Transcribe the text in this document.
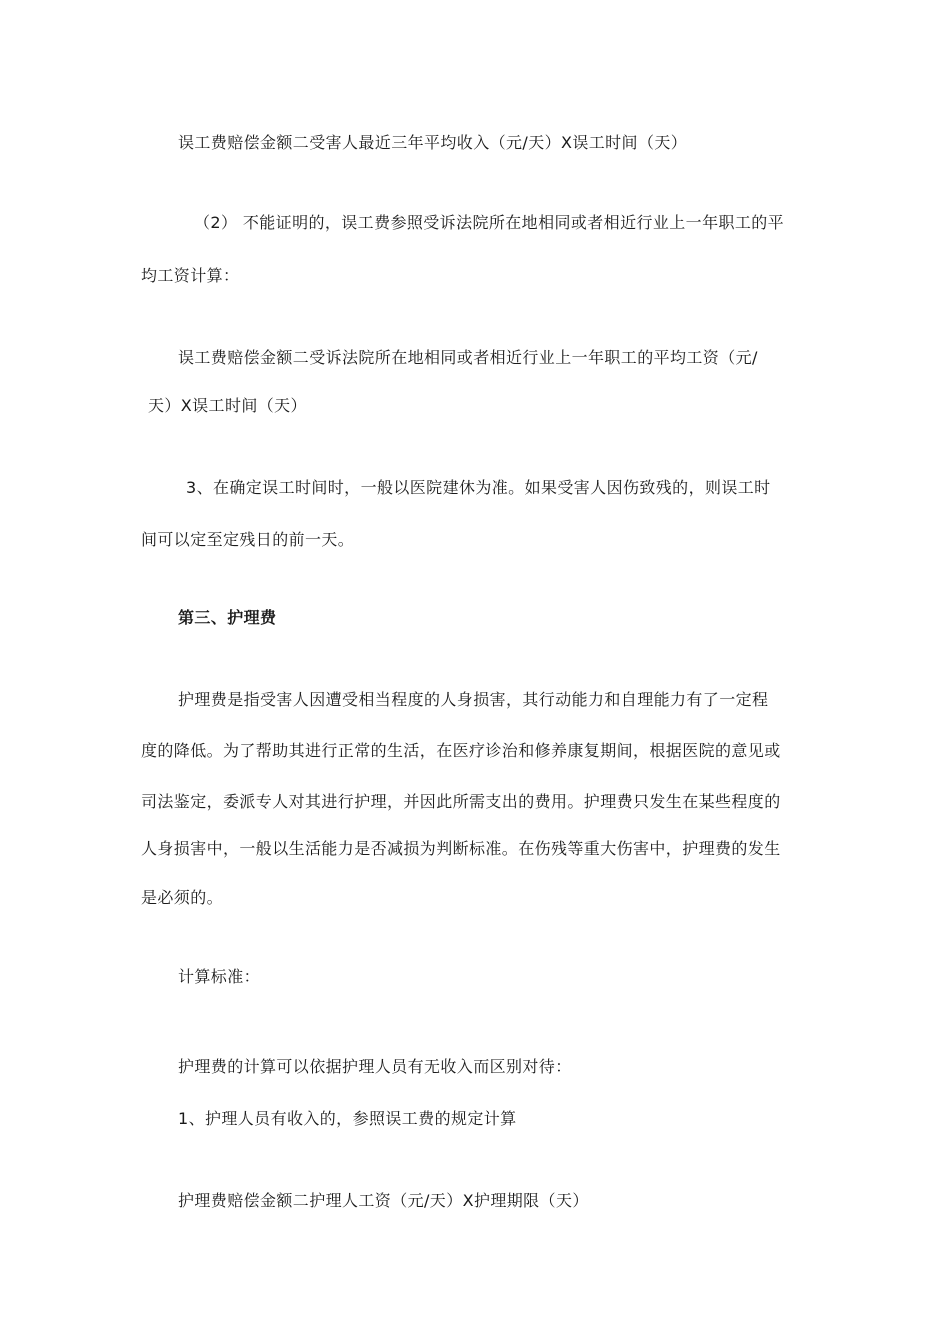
误工费赔偿金额二受害人最近三年平均收入（元/天）X误工时间（天）
（2） 不能证明的，误工费参照受诉法院所在地相同或者相近行业上一年职工的平
均工资计算：
误工费赔偿金额二受诉法院所在地相同或者相近行业上一年职工的平均工资（元/
天）X误工时间（天）
3、在确定误工时间时，一般以医院建休为准。如果受害人因伤致残的，则误工时
间可以定至定残日的前一天。
第三、护理费
护理费是指受害人因遭受相当程度的人身损害，其行动能力和自理能力有了一定程
度的降低。为了帮助其进行正常的生活，在医疗诊治和修养康复期间，根据医院的意见或
司法鉴定，委派专人对其进行护理，并因此所需支出的费用。护理费只发生在某些程度的
人身损害中，一般以生活能力是否减损为判断标准。在伤残等重大伤害中，护理费的发生
是必须的。
计算标准：
护理费的计算可以依据护理人员有无收入而区别对待：
1、护理人员有收入的，参照误工费的规定计算
护理费赔偿金额二护理人工资（元/天）X护理期限（天）
